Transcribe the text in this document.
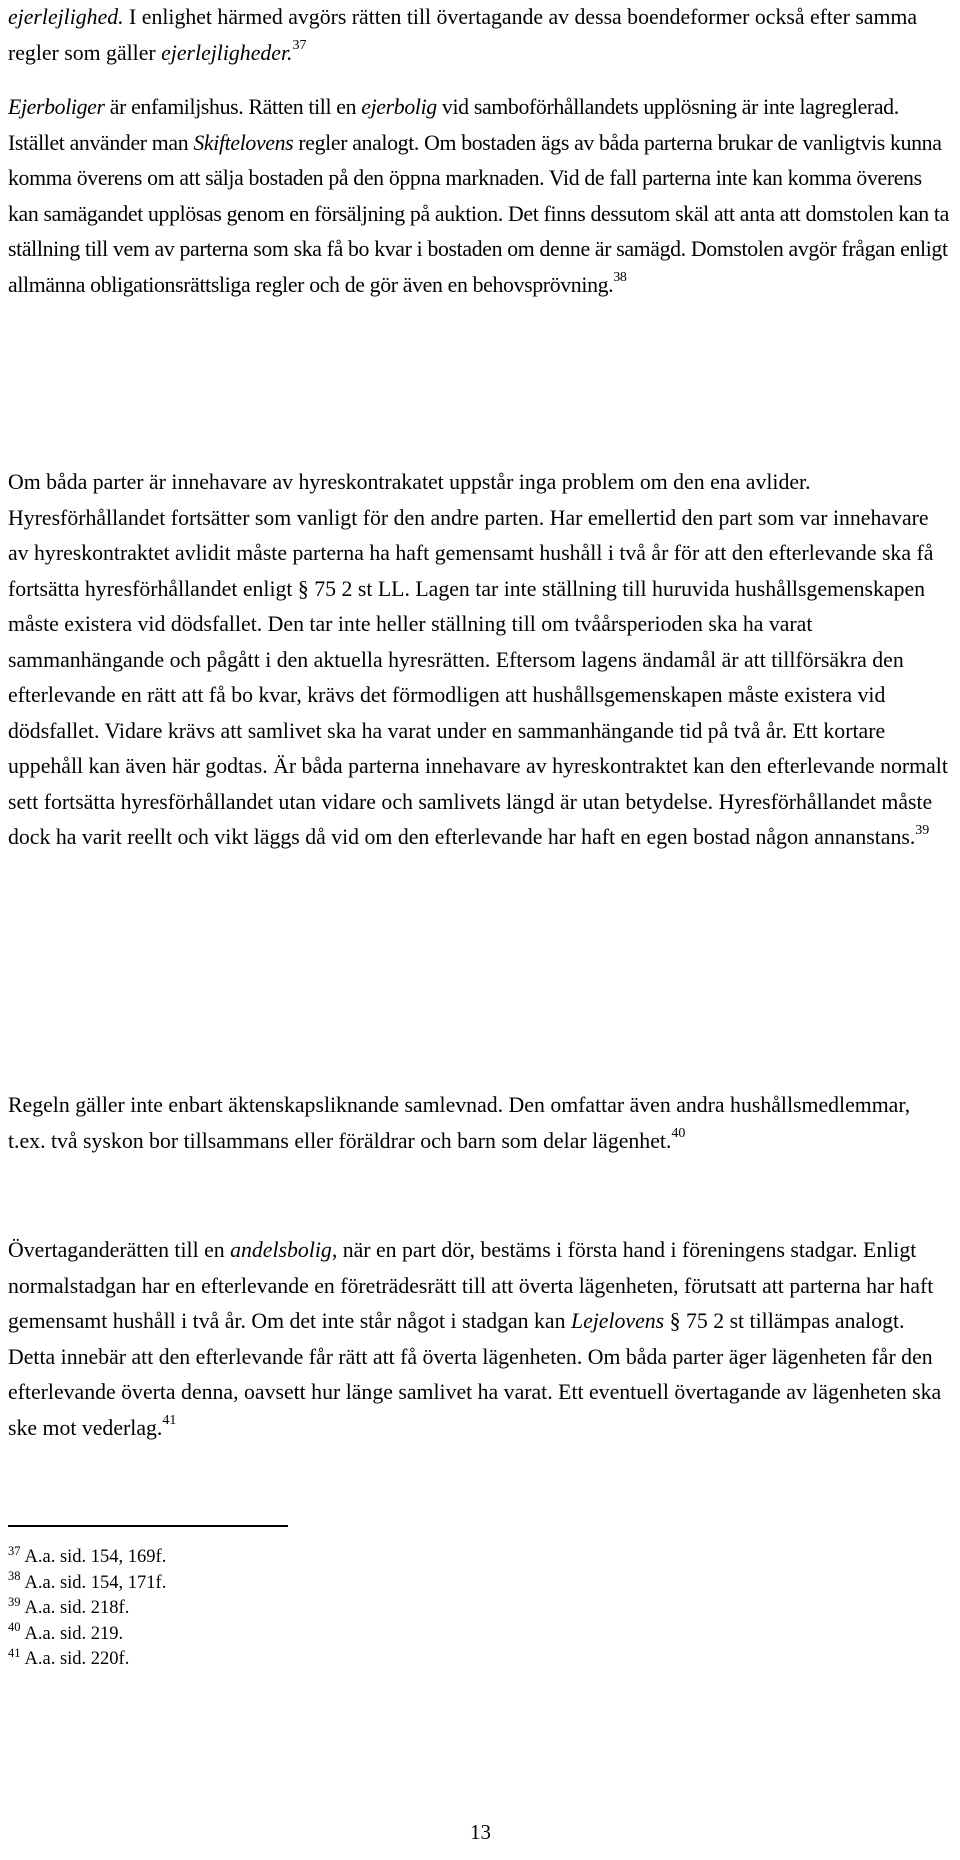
ejerlejlighed. I enlighet härmed avgörs rätten till övertagande av dessa boendeformer också efter samma regler som gäller ejerlejligheder.$^{37}$

Ejerboliger är enfamiljshus. Rätten till en ejerbolig vid samboförhållandets upplösning är inte lagreglerad. Istället använder man Skiftelovens regler analogt. Om bostaden ägs av båda parterna brukar de vanligtvis kunna komma överens om att sälja bostaden på den öppna marknaden. Vid de fall parterna inte kan komma överens kan samägandet upplösas genom en försäljning på auktion. Det finns dessutom skäl att anta att domstolen kan ta ställning till vem av parterna som ska få bo kvar i bostaden om denne är samägd. Domstolen avgör frågan enligt allmänna obligationsrättsliga regler och de gör även en behovsprövning.$^{38}$

Om båda parter är innehavare av hyreskontrakatet uppstår inga problem om den ena avlider. Hyresförhållandet fortsätter som vanligt för den andre parten. Har emellertid den part som var innehavare av hyreskontraktet avlidit måste parterna ha haft gemensamt hushåll i två år för att den efterlevande ska få fortsätta hyresförhållandet enligt § 75 2 st LL. Lagen tar inte ställning till huruvida hushållsgemenskapen måste existera vid dödsfallet. Den tar inte heller ställning till om tvåårsperioden ska ha varat sammanhängande och pågått i den aktuella hyresrätten. Eftersom lagens ändamål är att tillförsäkra den efterlevande en rätt att få bo kvar, krävs det förmodligen att hushållsgemenskapen måste existera vid dödsfallet. Vidare krävs att samlivet ska ha varat under en sammanhängande tid på två år. Ett kortare uppehåll kan även här godtas. Är båda parterna innehavare av hyreskontraktet kan den efterlevande normalt sett fortsätta hyresförhållandet utan vidare och samlivets längd är utan betydelse. Hyresförhållandet måste dock ha varit reellt och vikt läggs då vid om den efterlevande har haft en egen bostad någon annanstans.$^{39}$

Regeln gäller inte enbart äktenskapsliknande samlevnad. Den omfattar även andra hushållsmedlemmar, t.ex. två syskon bor tillsammans eller föräldrar och barn som delar lägenhet.$^{40}$

Övertaganderätten till en andelsbolig, när en part dör, bestäms i första hand i föreningens stadgar. Enligt normalstadgan har en efterlevande en företrädesrätt till att överta lägenheten, förutsatt att parterna har haft gemensamt hushåll i två år. Om det inte står något i stadgan kan Lejelovens § 75 2 st tillämpas analogt. Detta innebär att den efterlevande får rätt att få överta lägenheten. Om båda parter äger lägenheten får den efterlevande överta denna, oavsett hur länge samlivet ha varat. Ett eventuell övertagande av lägenheten ska ske mot vederlag.$^{41}$

$^{37}$ A.a. sid. 154, 169f.
$^{38}$ A.a. sid. 154, 171f.
$^{39}$ A.a. sid. 218f.
$^{40}$ A.a. sid. 219.
$^{41}$ A.a. sid. 220f.
13
